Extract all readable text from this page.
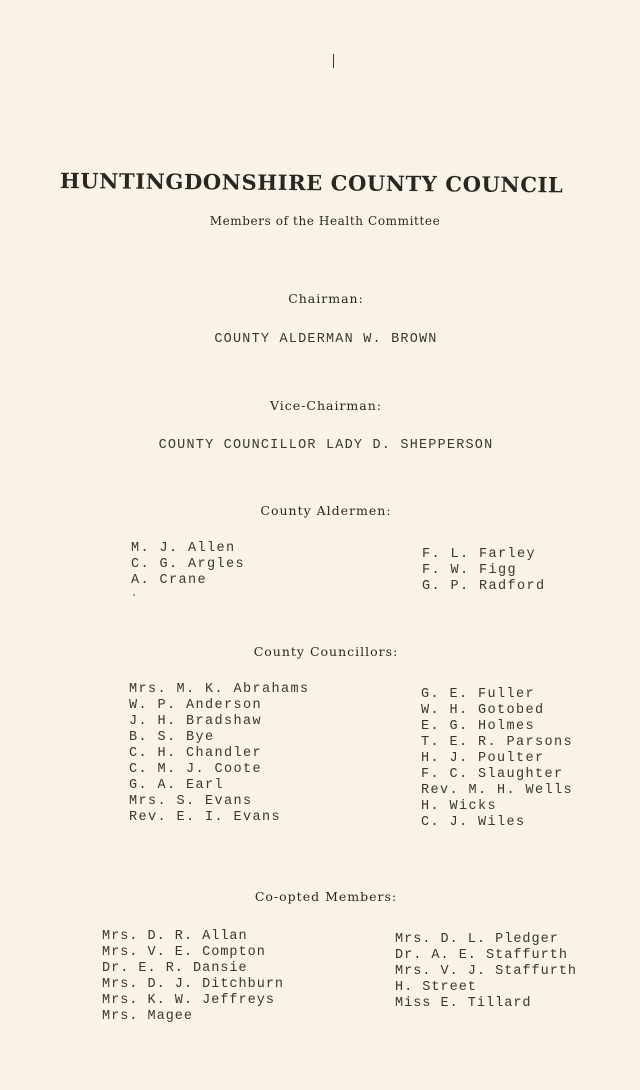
HUNTINGDONSHIRE COUNTY COUNCIL
Members of the Health Committee
Chairman:
COUNTY ALDERMAN W. BROWN
Vice-Chairman:
COUNTY COUNCILLOR LADY D. SHEPPERSON
County Aldermen:
M. J. Allen
C. G. Argles
A. Crane
F. L. Farley
F. W. Figg
G. P. Radford
County Councillors:
Mrs. M. K. Abrahams
W. P. Anderson
J. H. Bradshaw
B. S. Bye
C. H. Chandler
C. M. J. Coote
G. A. Earl
Mrs. S. Evans
Rev. E. I. Evans
G. E. Fuller
W. H. Gotobed
E. G. Holmes
T. E. R. Parsons
H. J. Poulter
F. C. Slaughter
Rev. M. H. Wells
H. Wicks
C. J. Wiles
Co-opted Members:
Mrs. D. R. Allan
Mrs. V. E. Compton
Dr. E. R. Dansie
Mrs. D. J. Ditchburn
Mrs. K. W. Jeffreys
Mrs. Magee
Mrs. D. L. Pledger
Dr. A. E. Staffurth
Mrs. V. J. Staffurth
H. Street
Miss E. Tillard
